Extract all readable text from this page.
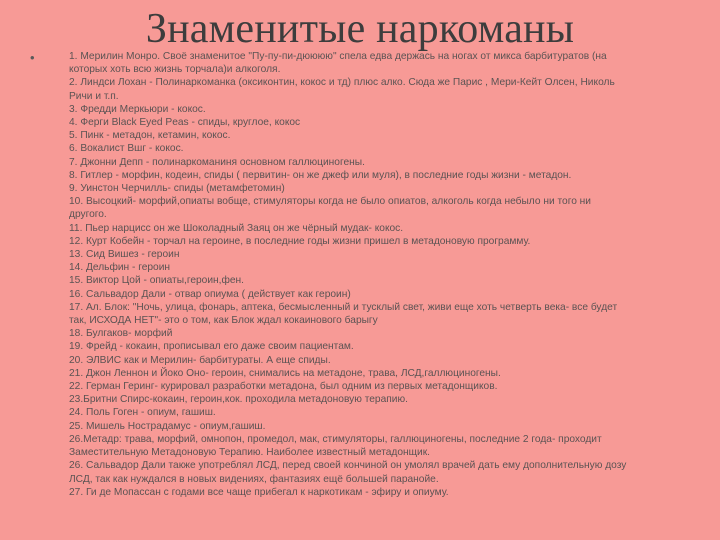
Знаменитые наркоманы
•	1. Мерилин Монро. Своё знаменитое "Пу-пу-пи-дюююю" спела едва держась на ногах от микса барбитуратов (на
которых хоть всю жизнь торчала)и алкоголя.
2. Линдси Лохан - Полинаркоманка (оксиконтин, кокос и тд) плюс алко. Сюда же Парис , Мери-Кейт Олсен, Николь
Ричи и т.п.
3. Фредди Меркьюри - кокос.
4. Ферги Black Eyed Peas - спиды, круглое, кокос
5. Пинк - метадон, кетамин, кокос.
6. Вокалист Вшг - кокос.
7. Джонни Депп - полинаркоманиня основном галлюциногены.
8. Гитлер - морфин, кодеин, спиды ( первитин- он же джеф или муля), в последние годы жизни - метадон.
9. Уинстон Черчилль- спиды (метамфетомин)
10. Высоцкий- морфий,опиаты вобще, стимуляторы когда не было опиатов, алкоголь когда небыло ни того ни
другого.
11. Пьер нарцисс он же Шоколадный Заяц он же чёрный мудак- кокос.
12. Курт Кобейн - торчал на героине, в последние годы жизни пришел в метадоновую программу.
13. Сид Вишез - героин
14. Дельфин - героин
15. Виктор Цой - опиаты,героин,фен.
16. Сальвадор Дали - отвар опиума ( действует как героин)
17. Ал. Блок: "Ночь, улица, фонарь, аптека, бесмысленный и тусклый свет, живи еще хоть четверть века- все будет
так, ИСХОДА НЕТ"- это о том, как Блок ждал кокаинового барыгу
18. Булгаков- морфий
19. Фрейд - кокаин, прописывал его даже своим пациентам.
20. ЭЛВИС как и Мерилин- барбитураты. А еще спиды.
21. Джон Леннон и Йоко Оно- героин, снимались на метадоне, трава, ЛСД,галлюциногены.
22. Герман Геринг- курировал разработки метадона, был одним из первых метадонщиков.
23.Бритни Спирс-кокаин, героин,кок. проходила метадоновую терапию.
24. Поль Гоген - опиум, гашиш.
25. Мишель Нострадамус - опиум,гашиш.
26.Метадр: трава, морфий, омнопон, промедол, мак, стимуляторы, галлюциногены, последние 2 года- проходит
Заместительную Метадоновую Терапию. Наиболее известный метадонщик.
26. Сальвадор Дали также употреблял ЛСД, перед своей кончиной он умолял врачей дать ему дополнительную дозу
ЛСД, так как нуждался в новых видениях, фантазиях ещё большей паранойе.
27. Ги де Мопассан с годами все чаще прибегал к наркотикам - эфиру и опиуму.
